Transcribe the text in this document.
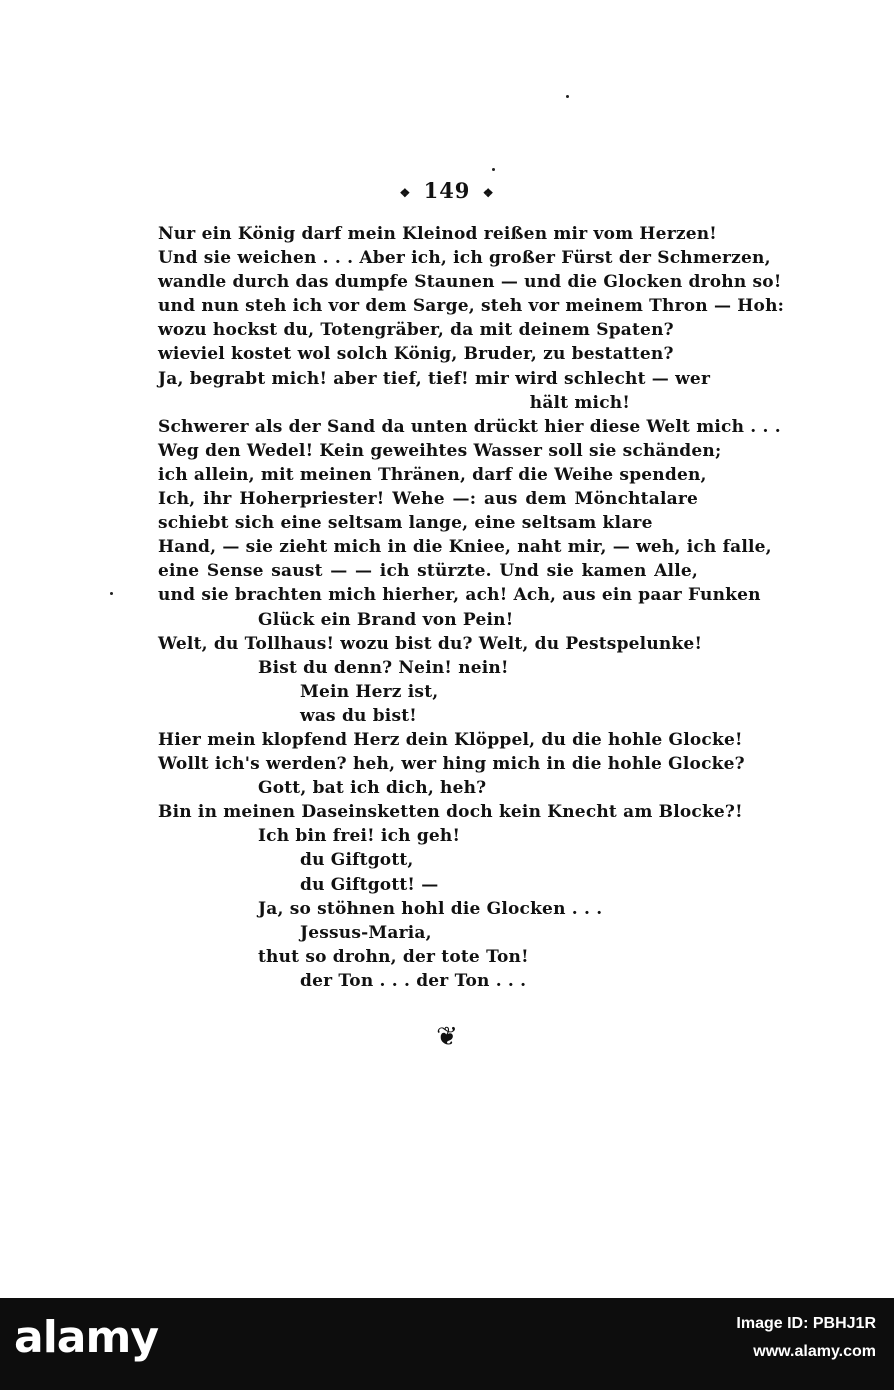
❖ 149 ❖
Nur ein König darf mein Kleinod reißen mir vom Herzen!
Und sie weichen . . . Aber ich, ich großer Fürst der Schmerzen,
wandle durch das dumpfe Staunen — und die Glocken drohn so!
und nun steh ich vor dem Sarge, steh vor meinem Thron — Hoh:
wozu hockst du, Totengräber, da mit deinem Spaten?
wieviel kostet wol solch König, Bruder, zu bestatten?
Ja, begrabt mich! aber tief, tief! mir wird schlecht — wer
hält mich!
Schwerer als der Sand da unten drückt hier diese Welt mich . . .
Weg den Wedel! Kein geweihtes Wasser soll sie schänden;
ich allein, mit meinen Thränen, darf die Weihe spenden,
Ich, ihr Hoherpriester! Wehe —: aus dem Mönchtalare
schiebt sich eine seltsam lange, eine seltsam klare
Hand, — sie zieht mich in die Kniee, naht mir, — weh, ich falle,
eine Sense saust — — ich stürzte. Und sie kamen Alle,
und sie brachten mich hierher, ach! Ach, aus ein paar Funken
Glück ein Brand von Pein!
Welt, du Tollhaus! wozu bist du? Welt, du Pestspelunke!
Bist du denn? Nein! nein!
Mein Herz ist,
was du bist!
Hier mein klopfend Herz dein Klöppel, du die hohle Glocke!
Wollt ich's werden? heh, wer hing mich in die hohle Glocke?
Gott, bat ich dich, heh?
Bin in meinen Daseinsketten doch kein Knecht am Blocke?!
Ich bin frei! ich geh!
du Giftgott,
du Giftgott! —
Ja, so stöhnen hohl die Glocken . . .
Jessus-Maria,
thut so drohn, der tote Ton!
der Ton . . . der Ton . . .
❦
alamy	Image ID: PBHJ1R
www.alamy.com
